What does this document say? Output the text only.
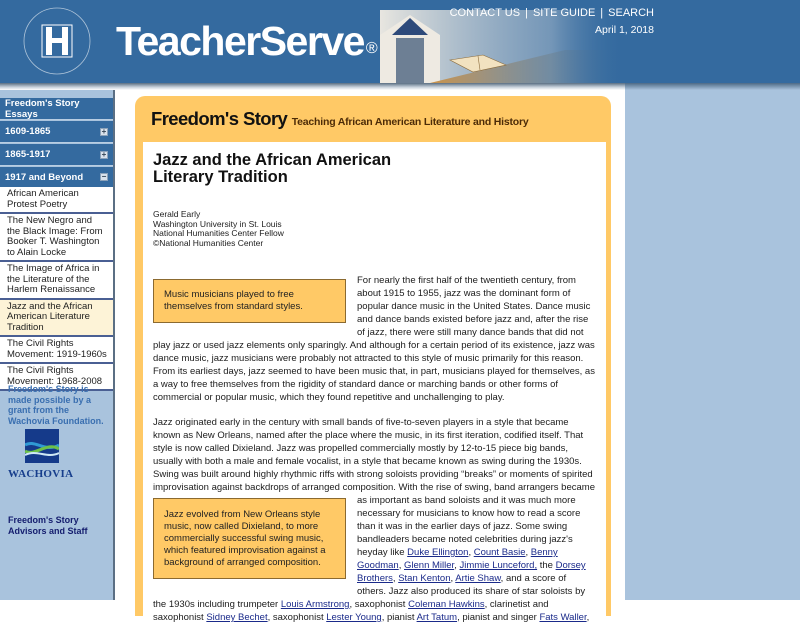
TeacherServe ®
CONTACT US | SITE GUIDE | SEARCH
April 1, 2018
Freedom's Story Essays
1609-1865	+
1865-1917	+
1917 and Beyond −
African American Protest Poetry
The New Negro and the Black Image: From Booker T. Washington to Alain Locke
The Image of Africa in the Literature of the Harlem Renaissance
Jazz and the African American Literature Tradition
The Civil Rights Movement: 1919-1960s
The Civil Rights Movement: 1968-2008
Freedom's Story is made possible by a grant from the Wachovia Foundation.
WACHOVIA
Freedom's Story Advisors and Staff
Freedom's Story Teaching African American Literature and History
Jazz and the African American
Literary Tradition
Gerald Early
Washington University in St. Louis
National Humanities Center Fellow
©National Humanities Center
Music musicians played to free themselves from standard styles.

For nearly the first half of the twentieth century, from about 1915 to 1955, jazz was the dominant form of popular dance music in the United States. Dance music and dance bands existed before jazz and, after the rise of jazz, there were still many dance bands that did not play jazz or used jazz elements only sparingly. And although for a certain period of its existence, jazz was dance music, jazz musicians were probably not attracted to this style of music primarily for this reason. From its earliest days, jazz seemed to have been music that, in part, musicians played for themselves, as a way to free themselves from the rigidity of standard dance or marching bands or other forms of commercial or popular music, which they found repetitive and unchallenging to play.

Jazz originated early in the century with small bands of five-to-seven players in a style that became known as New Orleans, named after the place where the music, in its first iteration, codified itself. That style is now called Dixieland. Jazz was propelled commercially mostly by 12-to-15 piece big bands, usually with both a male and female vocalist, in a style that became known as swing during the 1930s. Swing was built around highly rhythmic riffs with strong soloists providing “breaks” or moments of spirited improvisation against backdrops of arranged composition. With the rise of swing, band arrangers became
Jazz evolved from New Orleans style music, now called Dixieland, to more commercially successful swing music, which featured improvisation against a background of arranged composition.
as important as band soloists and it was much more necessary for musicians to know how to read a score than it was in the earlier days of jazz. Some swing bandleaders became noted celebrities during jazz's heyday like Duke Ellington, Count Basie, Benny Goodman, Glenn Miller, Jimmie Lunceford, the Dorsey Brothers, Stan Kenton, Artie Shaw, and a score of others. Jazz also produced its share of star soloists by the 1930s including trumpeter Louis Armstrong, saxophonist Coleman Hawkins, clarinetist and saxophonist Sidney Bechet, saxophonist Lester Young, pianist Art Tatum, pianist and singer Fats Waller,
